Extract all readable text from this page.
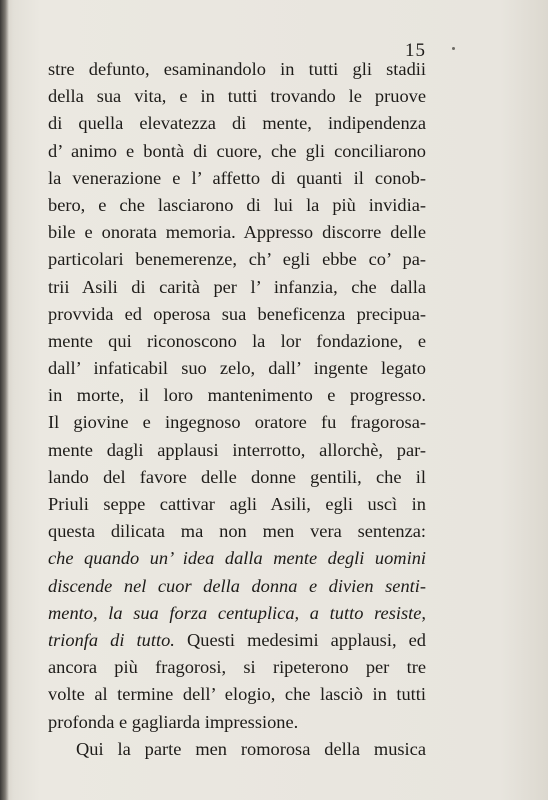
15
stre defunto, esaminandolo in tutti gli stadii
della sua vita, e in tutti trovando le pruove
di quella elevatezza di mente, indipendenza
d’ animo e bontà di cuore, che gli conciliarono
la venerazione e l’ affetto di quanti il conob-
bero, e che lasciarono di lui la più invidia-
bile e onorata memoria. Appresso discorre delle
particolari benemerenze, ch’ egli ebbe co’ pa-
trii Asili di carità per l’ infanzia, che dalla
provvida ed operosa sua beneficenza precipua-
mente qui riconoscono la lor fondazione, e
dall’ infaticabil suo zelo, dall’ ingente legato
in morte, il loro mantenimento e progresso.
Il giovine e ingegnoso oratore fu fragorosa-
mente dagli applausi interrotto, allorchè, par-
lando del favore delle donne gentili, che il
Priuli seppe cattivar agli Asili, egli uscì in
questa dilicata ma non men vera sentenza:
che quando un’ idea dalla mente degli uomini
discende nel cuor della donna e divien senti-
mento, la sua forza centuplica, a tutto resiste,
trionfa di tutto. Questi medesimi applausi, ed
ancora più fragorosi, si ripeterono per tre
volte al termine dell’ elogio, che lasciò in tutti
profonda e gagliarda impressione.
Qui la parte men romorosa della musica
